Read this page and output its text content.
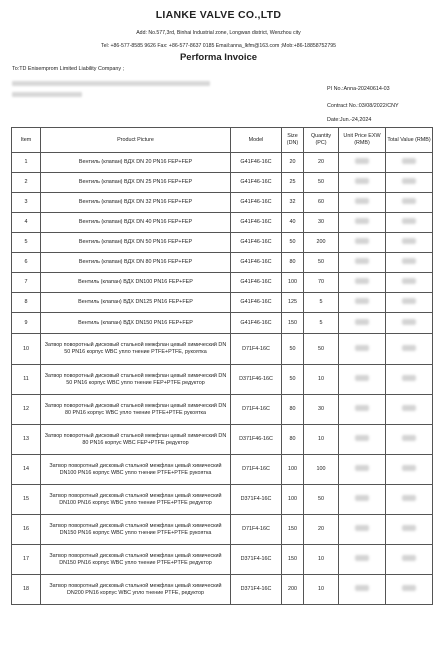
LIANKE VALVE CO.,LTD
Add: No.577,3rd, Binhai Industrial zone, Longwan district, Wenzhou city
Tel: +86-577-8585 9626 Fax: +86-577-8637 0185 Email:anna_lkfm@163.com ;Mob:+86-18858752795
Performa Invoice
To:TD Enisemprom Limited Liability Company ;
PI No.:Anna-20240614-03
Contract No.:03/08/2022/CNY
Date:Jun.-24,2024
Item	Product Picture	Model	Size (DN)	Quantity (PC)	Unit Price EXW (RMB)	Total Value (RMB)
1	Вентиль (клапан) ВДХ DN 20 PN16 FEP+FEP	G41F46-16C	20	20		
2	Вентиль (клапан) ВДХ DN 25 PN16 FEP+FEP	G41F46-16C	25	50		
3	Вентиль (клапан) ВДХ DN 32 PN16 FEP+FEP	G41F46-16C	32	60		
4	Вентиль (клапан) ВДХ DN 40 PN16 FEP+FEP	G41F46-16C	40	30		
5	Вентиль (клапан) ВДХ DN 50 PN16 FEP+FEP	G41F46-16C	50	200		
6	Вентиль (клапан) ВДХ DN 80 PN16 FEP+FEP	G41F46-16C	80	50		
7	Вентиль (клапан) ВДХ DN100 PN16 FEP+FEP	G41F46-16C	100	70		
8	Вентиль (клапан) ВДХ DN125 PN16 FEP+FEP	G41F46-16C	125	5		
9	Вентиль (клапан) ВДХ DN150 PN16 FEP+FEP	G41F46-16C	150	5		
10	Затвор поворотный дисковый стальной межфлан цевый химический DN 50 PN16 корпус WBC упло тнение PTFE+PTFE, рукоятка	D71F4-16C	50	50		
11	Затвор поворотный дисковый стальной межфлан цевый химический DN 50 PN16 корпус WBC упло тнение FEP+PTFE редуктор	D371F46-16C	50	10		
12	Затвор поворотный дисковый стальной межфлан цевый химический DN 80 PN16 корпус WBC упло тнение PTFE+PTFE рукоятка	D71F4-16C	80	30		
13	Затвор поворотный дисковый стальной межфлан цевый химический DN 80 PN16 корпус WBC FEP+PTFE редуктор	D371F46-16C	80	10		
14	Затвор поворотный дисковый стальной межфлан цевый химический DN100 PN16 корпус WBC упло тнение PTFE+PTFE рукоятка	D71F4-16C	100	100		
15	Затвор поворотный дисковый стальной межфлан цевый химический DN100 PN16 корпус WBC упло тнение PTFE+PTFE редуктор	D371F4-16C	100	50		
16	Затвор поворотный дисковый стальной межфлан цевый химический DN150 PN16 корпус WBC упло тнение PTFE+PTFE рукоятка	D71F4-16C	150	20		
17	Затвор поворотный дисковый стальной межфлан цевый химический DN150 PN16 корпус WBC упло тнение PTFE+PTFE редуктор	D371F4-16C	150	10		
18	Затвор поворотный дисковый стальной межфлан цевый химический DN200 PN16 корпус WBC упло тнение PTFE, редуктор	D371F4-16C	200	10		
